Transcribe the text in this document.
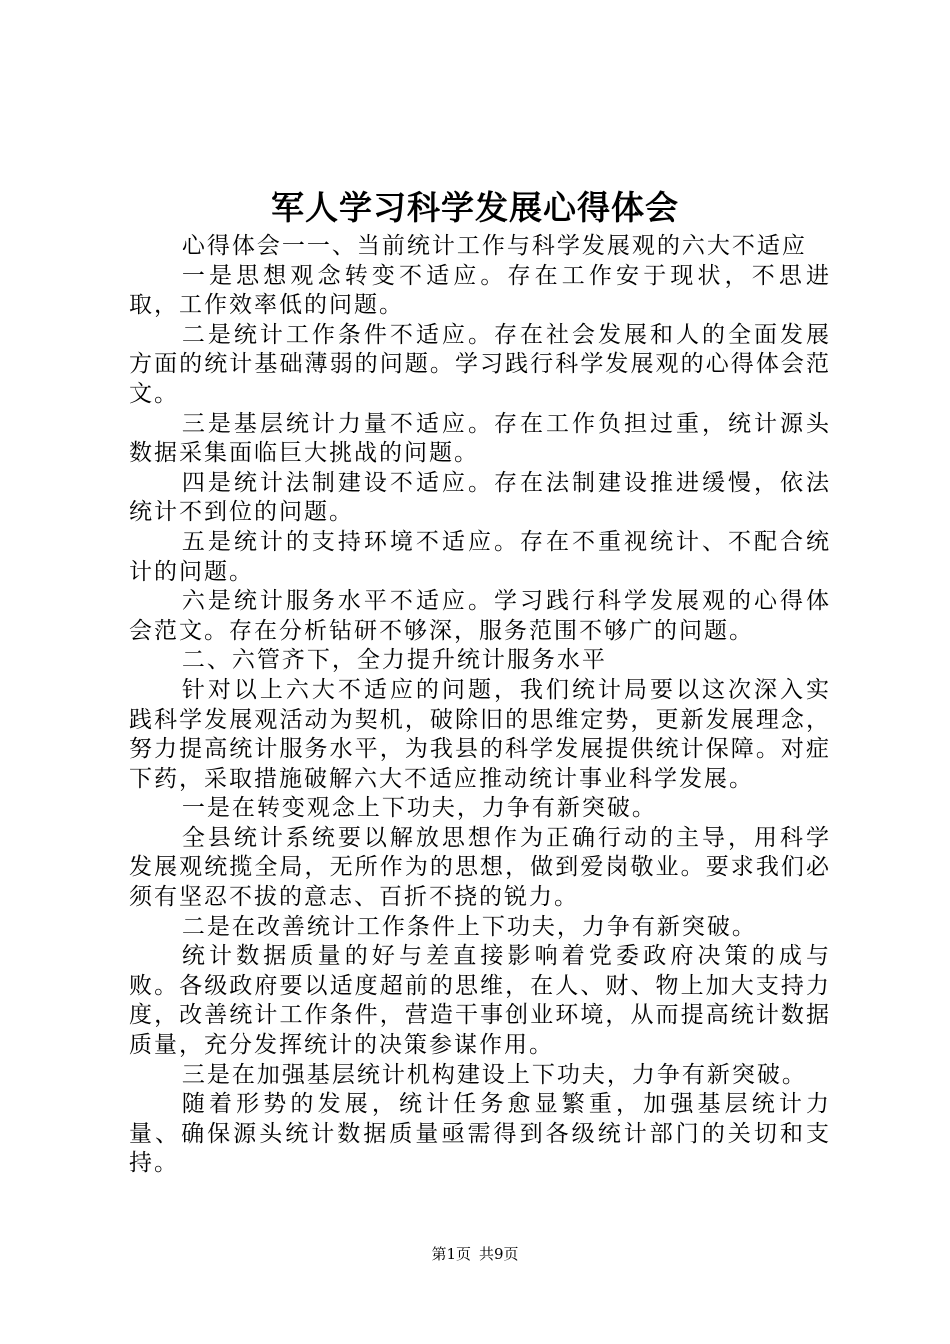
军人学习科学发展心得体会

心得体会一一、当前统计工作与科学发展观的六大不适应

一是思想观念转变不适应。存在工作安于现状，不思进取，工作效率低的问题。

二是统计工作条件不适应。存在社会发展和人的全面发展方面的统计基础薄弱的问题。学习践行科学发展观的心得体会范文。

三是基层统计力量不适应。存在工作负担过重，统计源头数据采集面临巨大挑战的问题。

四是统计法制建设不适应。存在法制建设推进缓慢，依法统计不到位的问题。

五是统计的支持环境不适应。存在不重视统计、不配合统计的问题。

六是统计服务水平不适应。学习践行科学发展观的心得体会范文。存在分析钻研不够深，服务范围不够广的问题。

二、六管齐下，全力提升统计服务水平

针对以上六大不适应的问题，我们统计局要以这次深入实践科学发展观活动为契机，破除旧的思维定势，更新发展理念，努力提高统计服务水平，为我县的科学发展提供统计保障。对症下药，采取措施破解六大不适应推动统计事业科学发展。

一是在转变观念上下功夫，力争有新突破。

全县统计系统要以解放思想作为正确行动的主导，用科学发展观统揽全局，无所作为的思想，做到爱岗敬业。要求我们必须有坚忍不拔的意志、百折不挠的锐力。

二是在改善统计工作条件上下功夫，力争有新突破。

统计数据质量的好与差直接影响着党委政府决策的成与败。各级政府要以适度超前的思维，在人、财、物上加大支持力度，改善统计工作条件，营造干事创业环境，从而提高统计数据质量，充分发挥统计的决策参谋作用。

三是在加强基层统计机构建设上下功夫，力争有新突破。

随着形势的发展，统计任务愈显繁重，加强基层统计力量、确保源头统计数据质量亟需得到各级统计部门的关切和支持。

第1页 共9页
